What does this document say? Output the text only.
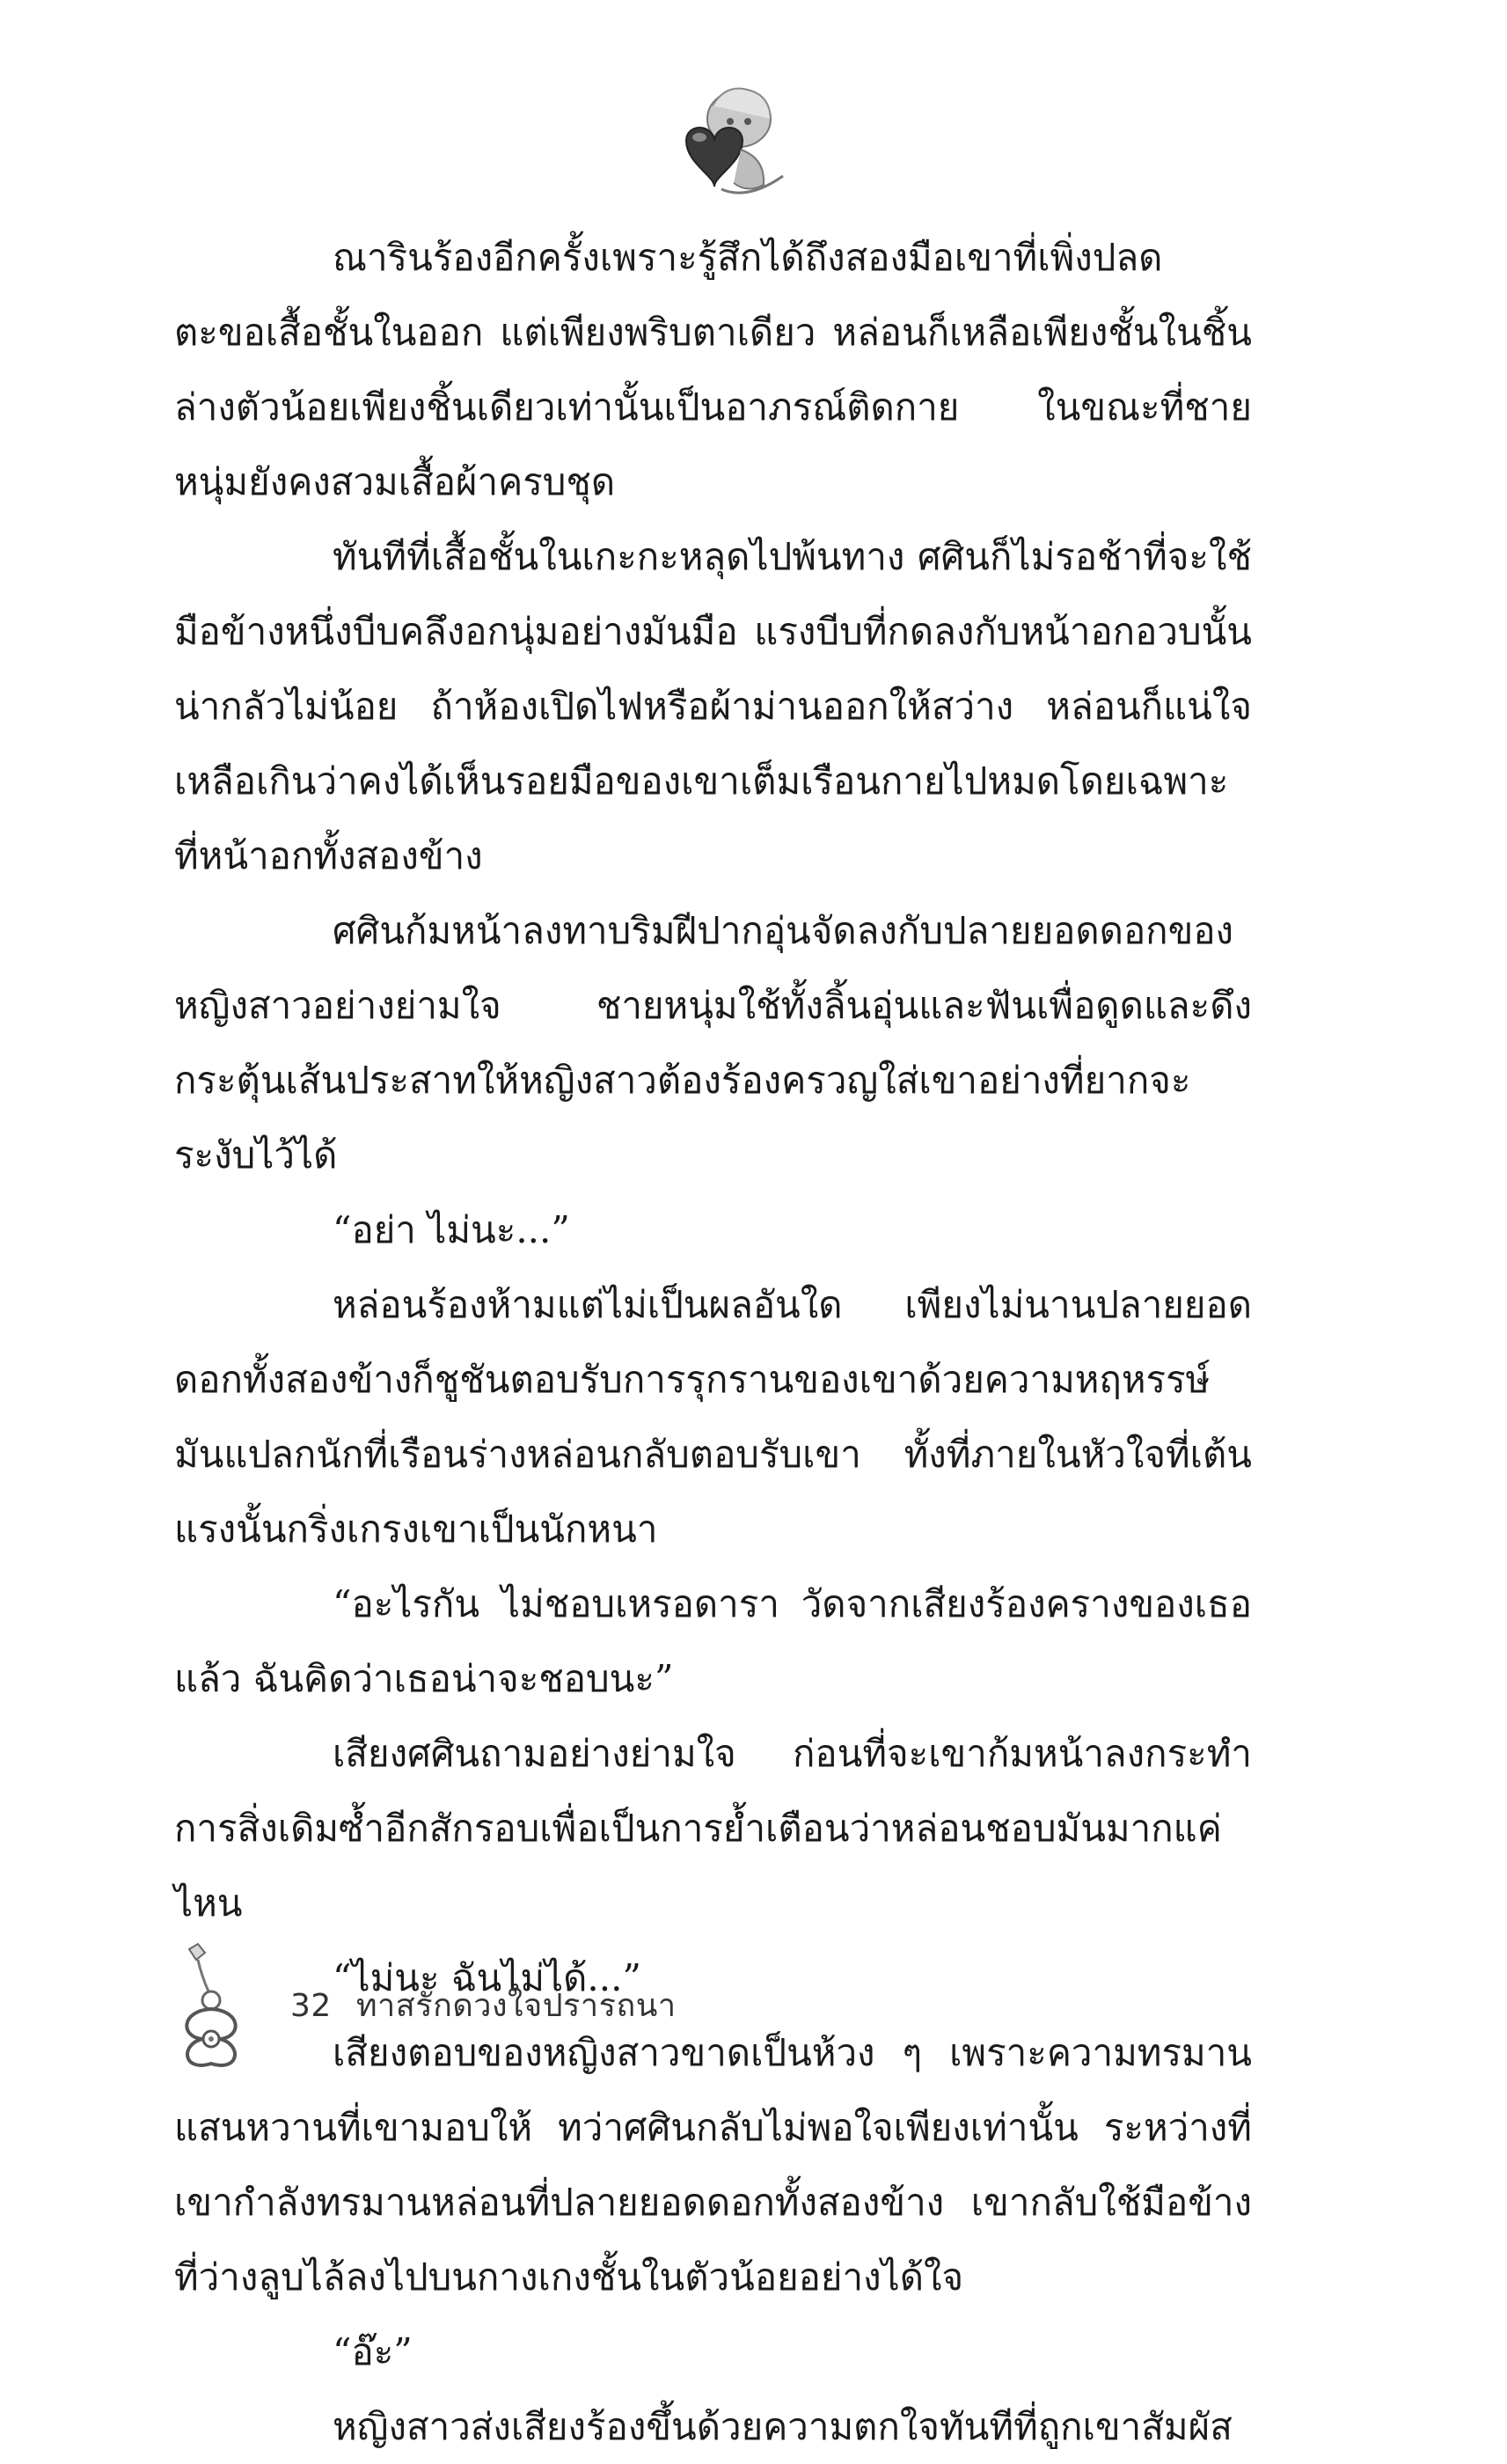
ณารินร้องอีกครั้งเพราะรู้สึกได้ถึงสองมือเขาที่เพิ่งปลดตะขอเสื้อชั้นในออก แต่เพียงพริบตาเดียว หล่อนก็เหลือเพียงชั้นในชิ้นล่างตัวน้อยเพียงชิ้นเดียวเท่านั้นเป็นอาภรณ์ติดกาย ในขณะที่ชายหนุ่มยังคงสวมเสื้อผ้าครบชุด

ทันทีที่เสื้อชั้นในเกะกะหลุดไปพ้นทาง ศศินก็ไม่รอช้าที่จะใช้มือข้างหนึ่งบีบคลึงอกนุ่มอย่างมันมือ แรงบีบที่กดลงกับหน้าอกอวบนั้นน่ากลัวไม่น้อย ถ้าห้องเปิดไฟหรือผ้าม่านออกให้สว่าง หล่อนก็แน่ใจเหลือเกินว่าคงได้เห็นรอยมือของเขาเต็มเรือนกายไปหมดโดยเฉพาะที่หน้าอกทั้งสองข้าง

ศศินก้มหน้าลงทาบริมฝีปากอุ่นจัดลงกับปลายยอดดอกของหญิงสาวอย่างย่ามใจ ชายหนุ่มใช้ทั้งลิ้นอุ่นและฟันเพื่อดูดและดึงกระตุ้นเส้นประสาทให้หญิงสาวต้องร้องครวญใส่เขาอย่างที่ยากจะระงับไว้ได้

“อย่า ไม่นะ...”

หล่อนร้องห้ามแต่ไม่เป็นผลอันใด เพียงไม่นานปลายยอดดอกทั้งสองข้างก็ชูชันตอบรับการรุกรานของเขาด้วยความหฤหรรษ์ มันแปลกนักที่เรือนร่างหล่อนกลับตอบรับเขา ทั้งที่ภายในหัวใจที่เต้นแรงนั้นกริ่งเกรงเขาเป็นนักหนา

“อะไรกัน ไม่ชอบเหรอดารา วัดจากเสียงร้องครางของเธอแล้ว ฉันคิดว่าเธอน่าจะชอบนะ”

เสียงศศินถามอย่างย่ามใจ ก่อนที่จะเขาก้มหน้าลงกระทำการสิ่งเดิมซ้ำอีกสักรอบเพื่อเป็นการย้ำเตือนว่าหล่อนชอบมันมากแค่ไหน

“ไม่นะ ฉันไม่ได้...”

เสียงตอบของหญิงสาวขาดเป็นห้วง ๆ เพราะความทรมานแสนหวานที่เขามอบให้ ทว่าศศินกลับไม่พอใจเพียงเท่านั้น ระหว่างที่เขากำลังทรมานหล่อนที่ปลายยอดดอกทั้งสองข้าง เขากลับใช้มือข้างที่ว่างลูบไล้ลงไปบนกางเกงชั้นในตัวน้อยอย่างได้ใจ

“อ๊ะ”

หญิงสาวส่งเสียงร้องขึ้นด้วยความตกใจทันทีที่ถูกเขาสัมผัส

32 ทาสรักดวงใจปรารถนา
